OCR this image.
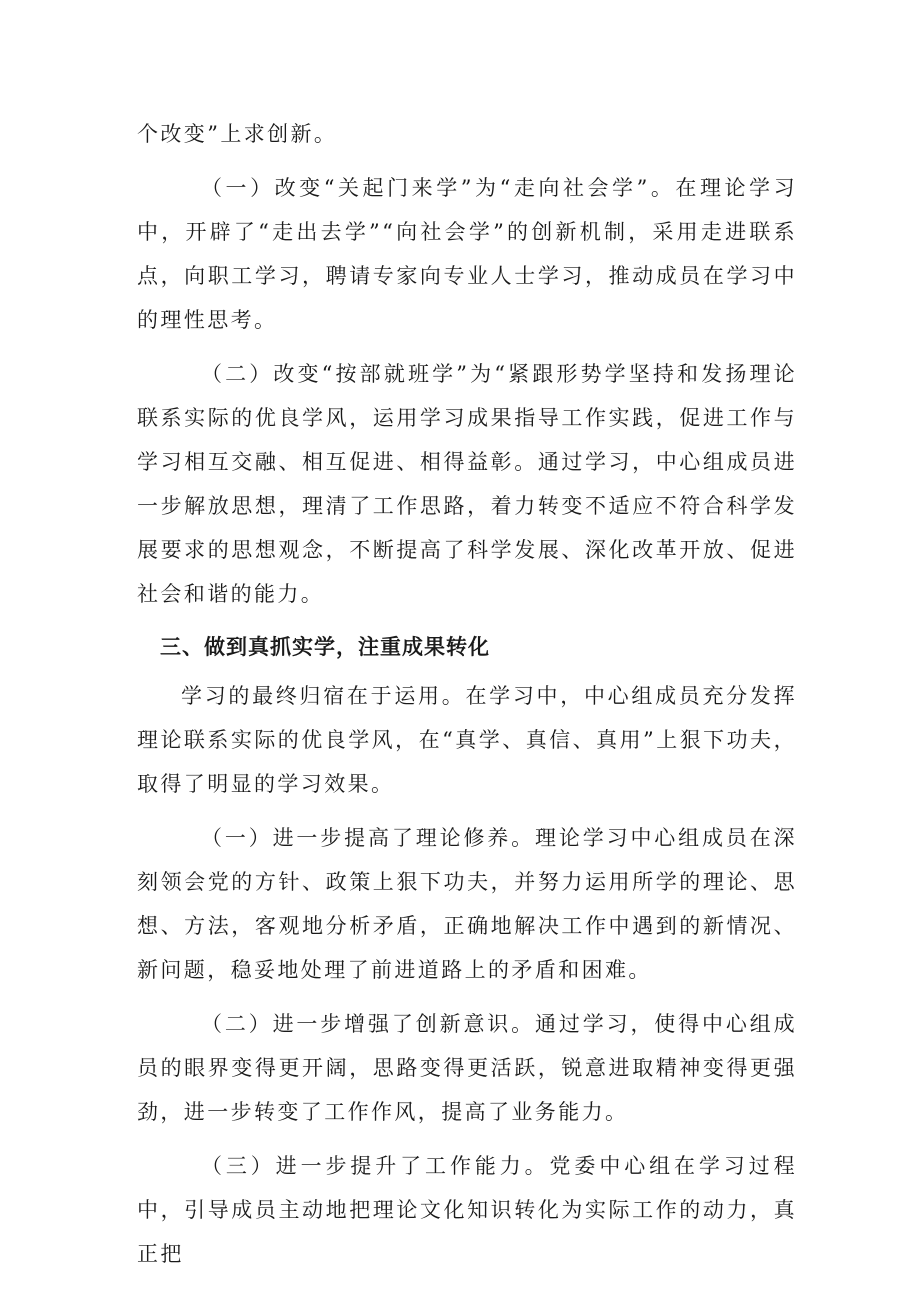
个改变”上求创新。

（一）改变“关起门来学”为“走向社会学”。在理论学习中，开辟了“走出去学”“向社会学”的创新机制，采用走进联系点，向职工学习，聘请专家向专业人士学习，推动成员在学习中的理性思考。

（二）改变“按部就班学”为“紧跟形势学坚持和发扬理论联系实际的优良学风，运用学习成果指导工作实践，促进工作与学习相互交融、相互促进、相得益彰。通过学习，中心组成员进一步解放思想，理清了工作思路，着力转变不适应不符合科学发展要求的思想观念，不断提高了科学发展、深化改革开放、促进社会和谐的能力。

三、做到真抓实学，注重成果转化

学习的最终归宿在于运用。在学习中，中心组成员充分发挥理论联系实际的优良学风，在“真学、真信、真用”上狠下功夫，取得了明显的学习效果。

（一）进一步提高了理论修养。理论学习中心组成员在深刻领会党的方针、政策上狠下功夫，并努力运用所学的理论、思想、方法，客观地分析矛盾，正确地解决工作中遇到的新情况、新问题，稳妥地处理了前进道路上的矛盾和困难。

（二）进一步增强了创新意识。通过学习，使得中心组成员的眼界变得更开阔，思路变得更活跃，锐意进取精神变得更强劲，进一步转变了工作作风，提高了业务能力。

（三）进一步提升了工作能力。党委中心组在学习过程中，引导成员主动地把理论文化知识转化为实际工作的动力，真正把
